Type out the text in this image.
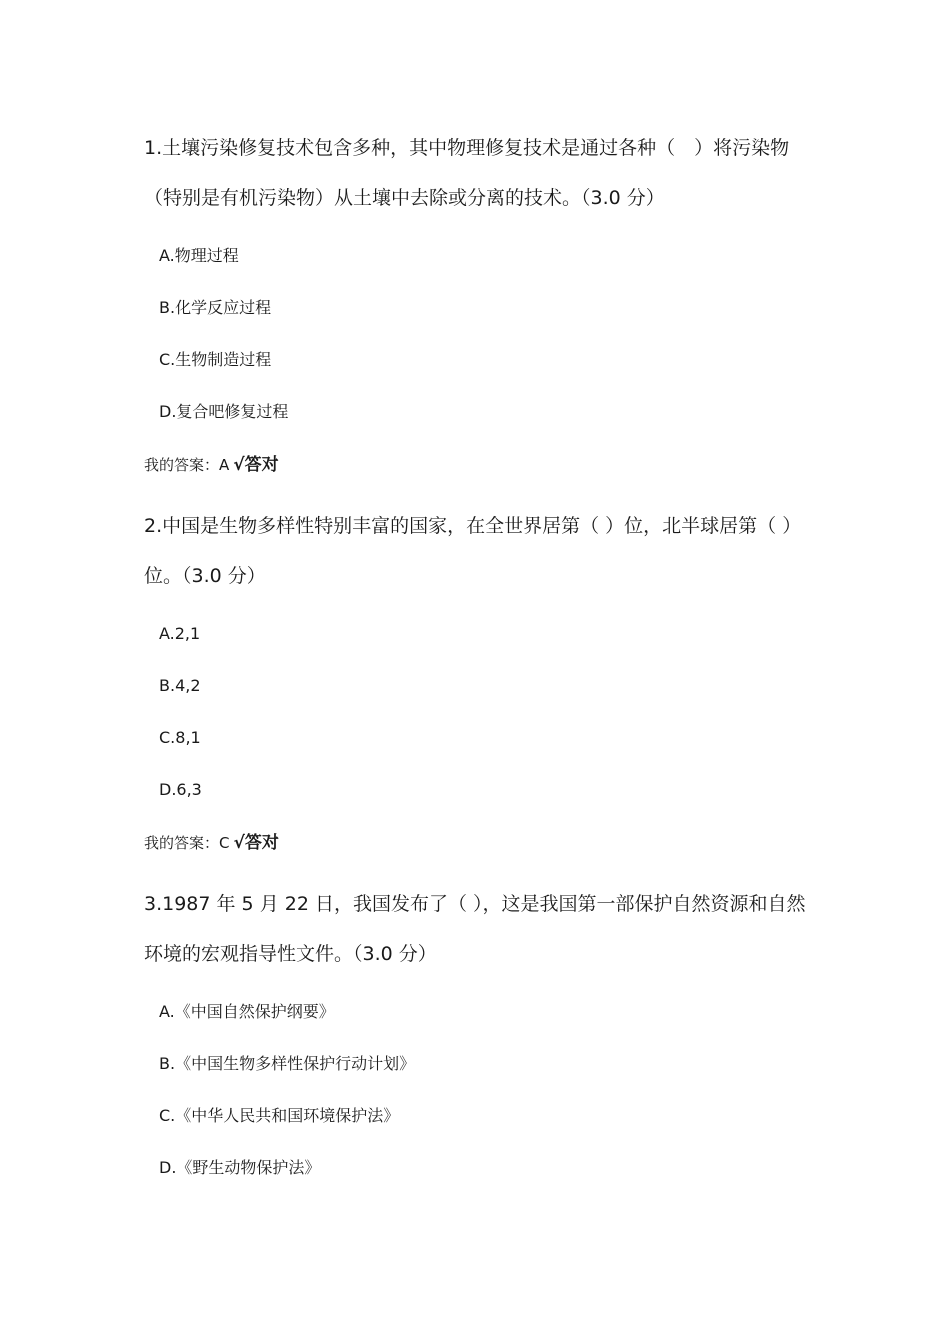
1.土壤污染修复技术包含多种，其中物理修复技术是通过各种（　）将污染物
（特别是有机污染物）从土壤中去除或分离的技术。（3.0 分）
A.物理过程
B.化学反应过程
C.生物制造过程
D.复合吧修复过程
我的答案：A √答对
2.中国是生物多样性特别丰富的国家，在全世界居第（ ）位，北半球居第（ ）
位。（3.0 分）
A.2,1
B.4,2
C.8,1
D.6,3
我的答案：C √答对
3.1987 年 5 月 22 日，我国发布了（ ），这是我国第一部保护自然资源和自然
环境的宏观指导性文件。（3.0 分）
A.《中国自然保护纲要》
B.《中国生物多样性保护行动计划》
C.《中华人民共和国环境保护法》
D.《野生动物保护法》
